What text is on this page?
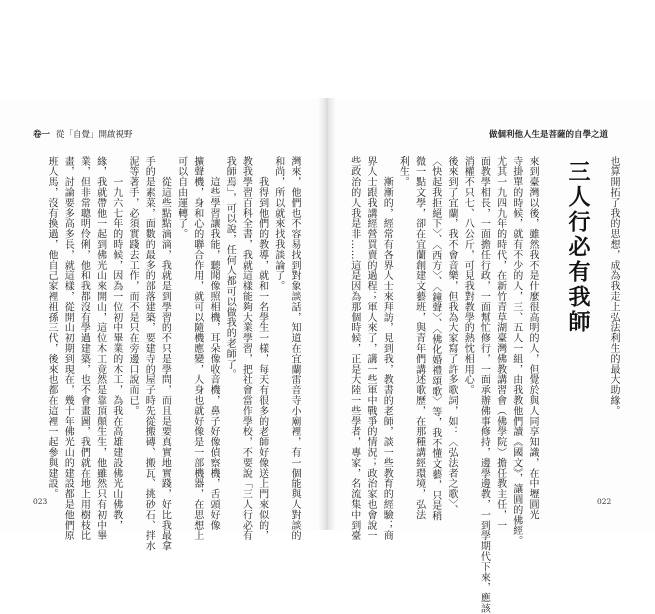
卷一 從「自覺」開啟視野	做個利他人生是菩薩的自學之道
也算開拓了我的思想，成為我走上弘法利生的最大助緣。
來到臺灣以後，雖然我不是什麼很高明的人，但覺於與人同享知識，在中壢圓光
寺掛單的時候，就有不少的人，三、五人一組，由我教他們讀《國文》，讓圓的佛經。
尤其一九四九年的時代，在新竹青草湖臺灣佛教講習會（佛學院）擔任教主任，一
面教學相長，一面擔任行政，一面幫忙修行，一面承辦佛事修持，邊學邊教，一到學期代下來，應該
消權不只七、八公斤，可見我對教學的熱忱相用心。
後來到了宜蘭，我不會音樂，但我為大家寫了許多歌詞，如：〈弘法者之歌〉、
〈快起我拒絕下〉、〈西方〉、〈鐘聲〉、〈佛化婚禮頌歌〉等，我不懂文藝，只是稍
微一點文學，卻在宜蘭創建文藝班，與青年們講述歌歷，在那種講經環境，弘法
利生。
　　漸漸的，經常有各界人士來拜訪，見到我，教書的老師，談一些教育的經驗；商
界人士跟我講經營買賣的過程；軍人來了，講一些軍中戰爭的情況；政治家也會說一
些政治的人我是非……這是因為那個時候，正是大陸一些學者，專家，名流集中到臺	三人行必有我師
灣來，他們也不容易找到對象談話，知道在宜蘭雷音寺小廟裡，有一個能與人對談的
和尚，所以就來找我談論了。
　　我得到他們的教導，就和一名學生一樣，每天有很多的老師好像送上門來似的，
教我學習百科全書，我就這樣能夠大業學習，把社會當作學校，不要說「三人行必有
我師焉」，可以說，任何人都可以做我的老師了。
　　這些學習讓我能，聽聞像照相機，耳朵像收音機，鼻子好像偵察機，舌頭好像
擴聲機，身和心的聯合作用，就可以隨機應變，人身也就好像是一部機器，在思想上
可以自由運轉了。
　　從這些點點滴滴，我就是到學習的不只是學問，而且是要真實地實踐，好比我最拿
手的是素菜，面數的最多的部落建築，要建寺的屋子時先從搬磚、搬瓦、挑砂石、拌水
泥等著手，必須實踐去工作，而不是只在旁邊口說而已。
　　一九六七年的時候，因為一位初中畢業的木工，為我在高雄建設佛光山佛教，
緣，我就帶他一起到佛光山來開山，這位木工竟然是靠頂顛生生，他雖然只有初中畢
業，但非常聰明伶俐，他和我都沒有學過建築，也不會畫圖，我們就在地上用樹枝比
畫，討論要多高多長，就這樣，從開山初期到現在，幾十年佛光山的建設都是他們原
班人馬，沒有換過，他自己家裡祖孫三代，後來也都在這裡一起參與建設。
023	022
